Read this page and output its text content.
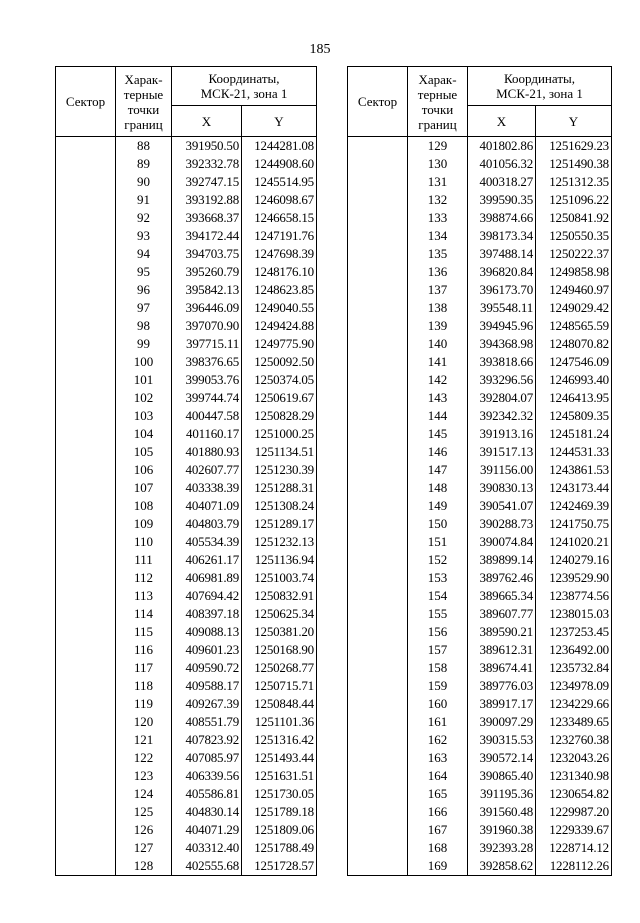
185
Сектор	Харак-
терные
точки
границ	Координаты,
МСК-21, зона 1	
		X	Y
	88	391950.50	1244281.08
	89	392332.78	1244908.60
	90	392747.15	1245514.95
	91	393192.88	1246098.67
	92	393668.37	1246658.15
	93	394172.44	1247191.76
	94	394703.75	1247698.39
	95	395260.79	1248176.10
	96	395842.13	1248623.85
	97	396446.09	1249040.55
	98	397070.90	1249424.88
	99	397715.11	1249775.90
	100	398376.65	1250092.50
	101	399053.76	1250374.05
	102	399744.74	1250619.67
	103	400447.58	1250828.29
	104	401160.17	1251000.25
	105	401880.93	1251134.51
	106	402607.77	1251230.39
	107	403338.39	1251288.31
	108	404071.09	1251308.24
	109	404803.79	1251289.17
	110	405534.39	1251232.13
	111	406261.17	1251136.94
	112	406981.89	1251003.74
	113	407694.42	1250832.91
	114	408397.18	1250625.34
	115	409088.13	1250381.20
	116	409601.23	1250168.90
	117	409590.72	1250268.77
	118	409588.17	1250715.71
	119	409267.39	1250848.44
	120	408551.79	1251101.36
	121	407823.92	1251316.42
	122	407085.97	1251493.44
	123	406339.56	1251631.51
	124	405586.81	1251730.05
	125	404830.14	1251789.18
	126	404071.29	1251809.06
	127	403312.40	1251788.49
	128	402555.68	1251728.57
Сектор	Харак-
терные
точки
границ	Координаты,
МСК-21, зона 1	
		X	Y
	129	401802.86	1251629.23
	130	401056.32	1251490.38
	131	400318.27	1251312.35
	132	399590.35	1251096.22
	133	398874.66	1250841.92
	134	398173.34	1250550.35
	135	397488.14	1250222.37
	136	396820.84	1249858.98
	137	396173.70	1249460.97
	138	395548.11	1249029.42
	139	394945.96	1248565.59
	140	394368.98	1248070.82
	141	393818.66	1247546.09
	142	393296.56	1246993.40
	143	392804.07	1246413.95
	144	392342.32	1245809.35
	145	391913.16	1245181.24
	146	391517.13	1244531.33
	147	391156.00	1243861.53
	148	390830.13	1243173.44
	149	390541.07	1242469.39
	150	390288.73	1241750.75
	151	390074.84	1241020.21
	152	389899.14	1240279.16
	153	389762.46	1239529.90
	154	389665.34	1238774.56
	155	389607.77	1238015.03
	156	389590.21	1237253.45
	157	389612.31	1236492.00
	158	389674.41	1235732.84
	159	389776.03	1234978.09
	160	389917.17	1234229.66
	161	390097.29	1233489.65
	162	390315.53	1232760.38
	163	390572.14	1232043.26
	164	390865.40	1231340.98
	165	391195.36	1230654.82
	166	391560.48	1229987.20
	167	391960.38	1229339.67
	168	392393.28	1228714.12
	169	392858.62	1228112.26
